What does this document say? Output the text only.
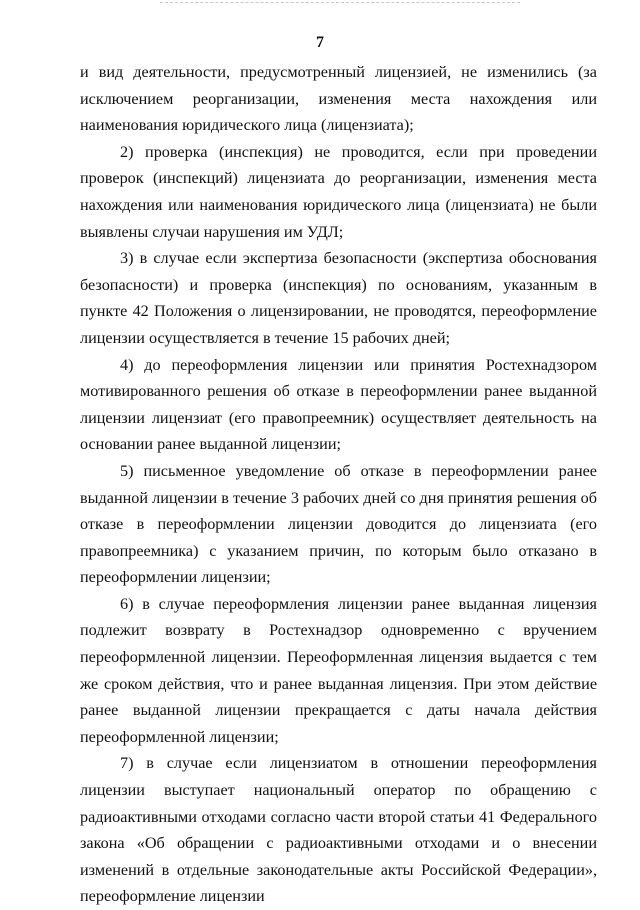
7

и вид деятельности, предусмотренный лицензией, не изменились (за исключением реорганизации, изменения места нахождения или наименования юридического лица (лицензиата);

2) проверка (инспекция) не проводится, если при проведении проверок (инспекций) лицензиата до реорганизации, изменения места нахождения или наименования юридического лица (лицензиата) не были выявлены случаи нарушения им УДЛ;

3) в случае если экспертиза безопасности (экспертиза обоснования безопасности) и проверка (инспекция) по основаниям, указанным в пункте 42 Положения о лицензировании, не проводятся, переоформление лицензии осуществляется в течение 15 рабочих дней;

4) до переоформления лицензии или принятия Ростехнадзором мотивированного решения об отказе в переоформлении ранее выданной лицензии лицензиат (его правопреемник) осуществляет деятельность на основании ранее выданной лицензии;

5) письменное уведомление об отказе в переоформлении ранее выданной лицензии в течение 3 рабочих дней со дня принятия решения об отказе в переоформлении лицензии доводится до лицензиата (его правопреемника) с указанием причин, по которым было отказано в переоформлении лицензии;

6) в случае переоформления лицензии ранее выданная лицензия подлежит возврату в Ростехнадзор одновременно с вручением переоформленной лицензии. Переоформленная лицензия выдается с тем же сроком действия, что и ранее выданная лицензия. При этом действие ранее выданной лицензии прекращается с даты начала действия переоформленной лицензии;

7) в случае если лицензиатом в отношении переоформления лицензии выступает национальный оператор по обращению с радиоактивными отходами согласно части второй статьи 41 Федерального закона «Об обращении с радиоактивными отходами и о внесении изменений в отдельные законодательные акты Российской Федерации», переоформление лицензии
